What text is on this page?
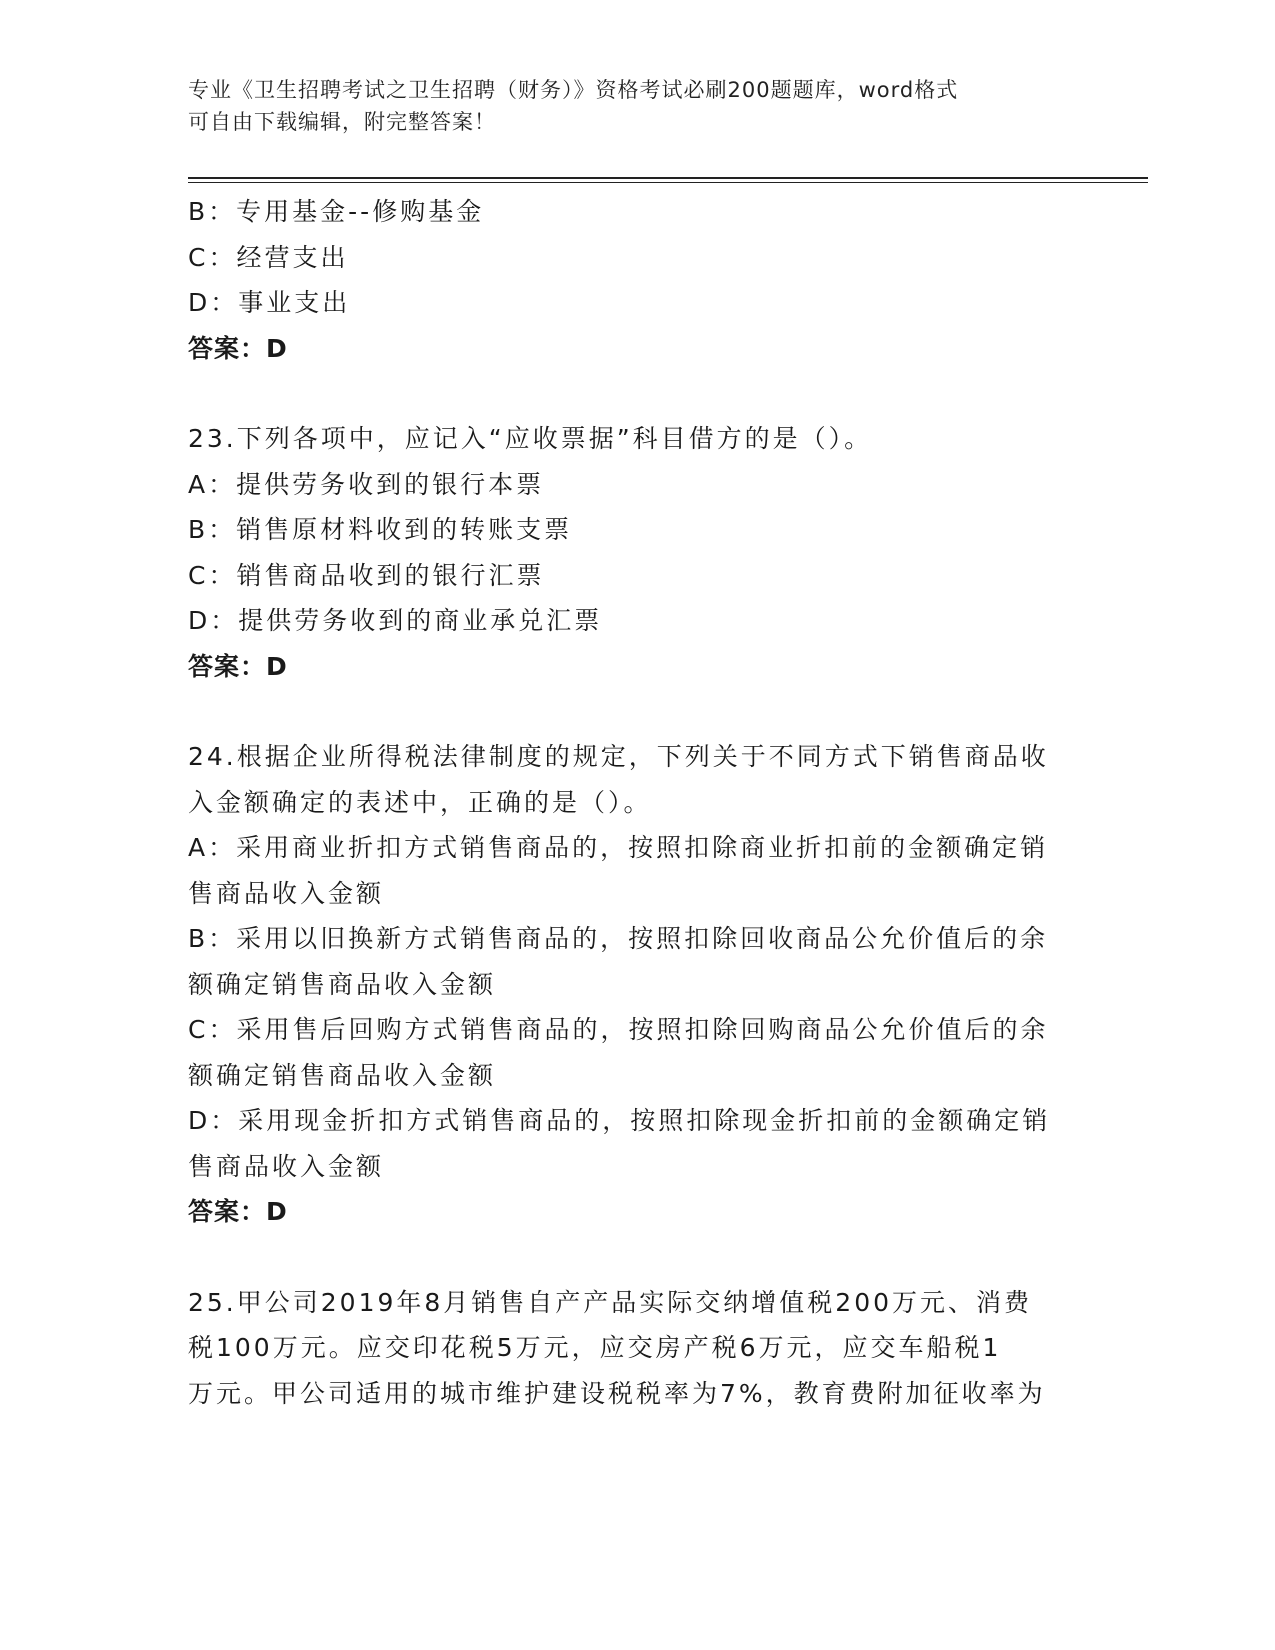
专业《卫生招聘考试之卫生招聘（财务）》资格考试必刷200题题库，word格式
可自由下载编辑，附完整答案！
B：专用基金--修购基金
C：经营支出
D：事业支出
答案：D
23.下列各项中，应记入“应收票据”科目借方的是（）。
A：提供劳务收到的银行本票
B：销售原材料收到的转账支票
C：销售商品收到的银行汇票
D：提供劳务收到的商业承兑汇票
答案：D
24.根据企业所得税法律制度的规定，下列关于不同方式下销售商品收
入金额确定的表述中，正确的是（）。
A：采用商业折扣方式销售商品的，按照扣除商业折扣前的金额确定销
售商品收入金额
B：采用以旧换新方式销售商品的，按照扣除回收商品公允价值后的余
额确定销售商品收入金额
C：采用售后回购方式销售商品的，按照扣除回购商品公允价值后的余
额确定销售商品收入金额
D：采用现金折扣方式销售商品的，按照扣除现金折扣前的金额确定销
售商品收入金额
答案：D
25.甲公司2019年8月销售自产产品实际交纳增值税200万元、消费
税100万元。应交印花税5万元，应交房产税6万元，应交车船税1
万元。甲公司适用的城市维护建设税税率为7%，教育费附加征收率为
